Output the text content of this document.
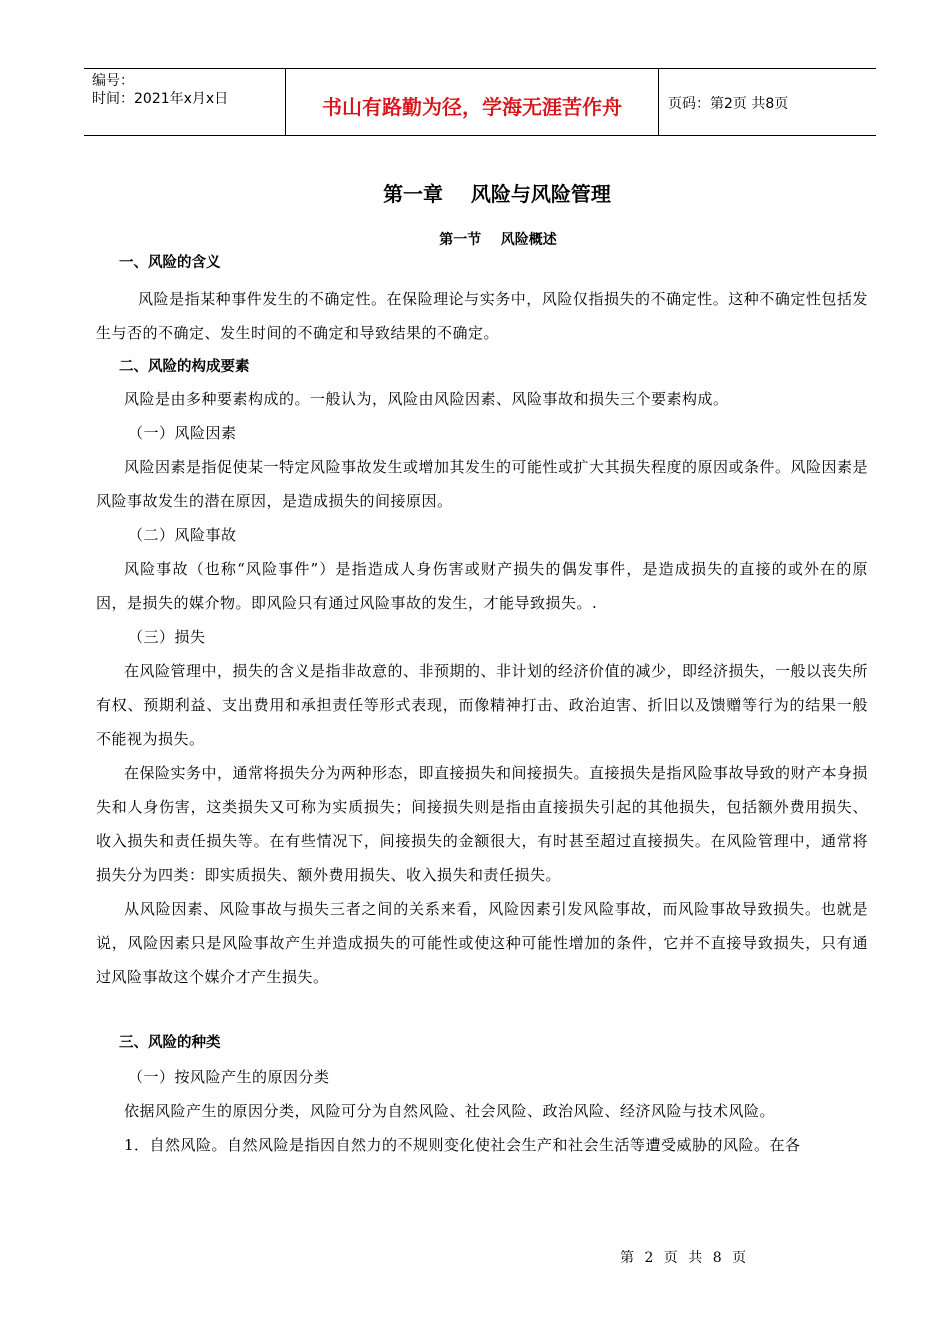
编号：
时间：2021年x月x日	书山有路勤为径，学海无涯苦作舟	页码：第2页 共8页
第一章    风险与风险管理
第一节    风险概述
一、风险的含义

风险是指某种事件发生的不确定性。在保险理论与实务中，风险仅指损失的不确定性。这种不确定性包括发生与否的不确定、发生时间的不确定和导致结果的不确定。

二、风险的构成要素

风险是由多种要素构成的。一般认为，风险由风险因素、风险事故和损失三个要素构成。

（一）风险因素

风险因素是指促使某一特定风险事故发生或增加其发生的可能性或扩大其损失程度的原因或条件。风险因素是风险事故发生的潜在原因，是造成损失的间接原因。

（二）风险事故

风险事故（也称“风险事件”）是指造成人身伤害或财产损失的偶发事件，是造成损失的直接的或外在的原因，是损失的媒介物。即风险只有通过风险事故的发生，才能导致损失。.

（三）损失

在风险管理中，损失的含义是指非故意的、非预期的、非计划的经济价值的减少，即经济损失，一般以丧失所有权、预期利益、支出费用和承担责任等形式表现，而像精神打击、政治迫害、折旧以及馈赠等行为的结果一般不能视为损失。

在保险实务中，通常将损失分为两种形态，即直接损失和间接损失。直接损失是指风险事故导致的财产本身损失和人身伤害，这类损失又可称为实质损失；间接损失则是指由直接损失引起的其他损失，包括额外费用损失、收入损失和责任损失等。在有些情况下，间接损失的金额很大，有时甚至超过直接损失。在风险管理中，通常将损失分为四类：即实质损失、额外费用损失、收入损失和责任损失。

从风险因素、风险事故与损失三者之间的关系来看，风险因素引发风险事故，而风险事故导致损失。也就是说，风险因素只是风险事故产生并造成损失的可能性或使这种可能性增加的条件，它并不直接导致损失，只有通过风险事故这个媒介才产生损失。

三、风险的种类

（一）按风险产生的原因分类

依据风险产生的原因分类，风险可分为自然风险、社会风险、政治风险、经济风险与技术风险。

1．自然风险。自然风险是指因自然力的不规则变化使社会生产和社会生活等遭受威胁的风险。在各

第 2 页 共 8 页
